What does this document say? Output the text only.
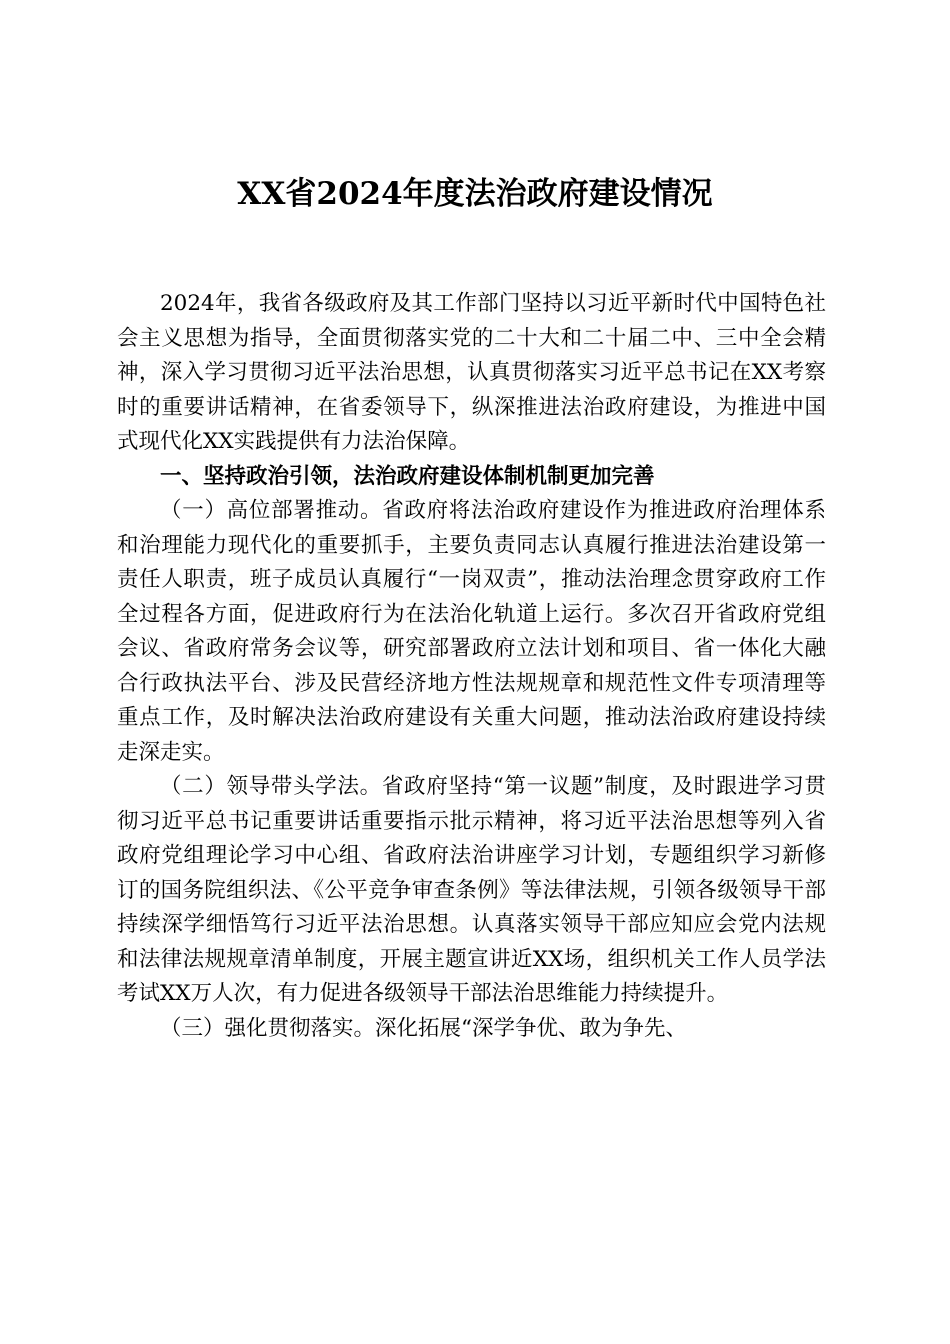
XX省2024年度法治政府建设情况

2024年，我省各级政府及其工作部门坚持以习近平新时代中国特色社会主义思想为指导，全面贯彻落实党的二十大和二十届二中、三中全会精神，深入学习贯彻习近平法治思想，认真贯彻落实习近平总书记在XX考察时的重要讲话精神，在省委领导下，纵深推进法治政府建设，为推进中国式现代化XX实践提供有力法治保障。

一、坚持政治引领，法治政府建设体制机制更加完善

（一）高位部署推动。省政府将法治政府建设作为推进政府治理体系和治理能力现代化的重要抓手，主要负责同志认真履行推进法治建设第一责任人职责，班子成员认真履行“一岗双责”，推动法治理念贯穿政府工作全过程各方面，促进政府行为在法治化轨道上运行。多次召开省政府党组会议、省政府常务会议等，研究部署政府立法计划和项目、省一体化大融合行政执法平台、涉及民营经济地方性法规规章和规范性文件专项清理等重点工作，及时解决法治政府建设有关重大问题，推动法治政府建设持续走深走实。

（二）领导带头学法。省政府坚持“第一议题”制度，及时跟进学习贯彻习近平总书记重要讲话重要指示批示精神，将习近平法治思想等列入省政府党组理论学习中心组、省政府法治讲座学习计划，专题组织学习新修订的国务院组织法、《公平竞争审查条例》等法律法规，引领各级领导干部持续深学细悟笃行习近平法治思想。认真落实领导干部应知应会党内法规和法律法规规章清单制度，开展主题宣讲近XX场，组织机关工作人员学法考试XX万人次，有力促进各级领导干部法治思维能力持续提升。

（三）强化贯彻落实。深化拓展“深学争优、敢为争先、
